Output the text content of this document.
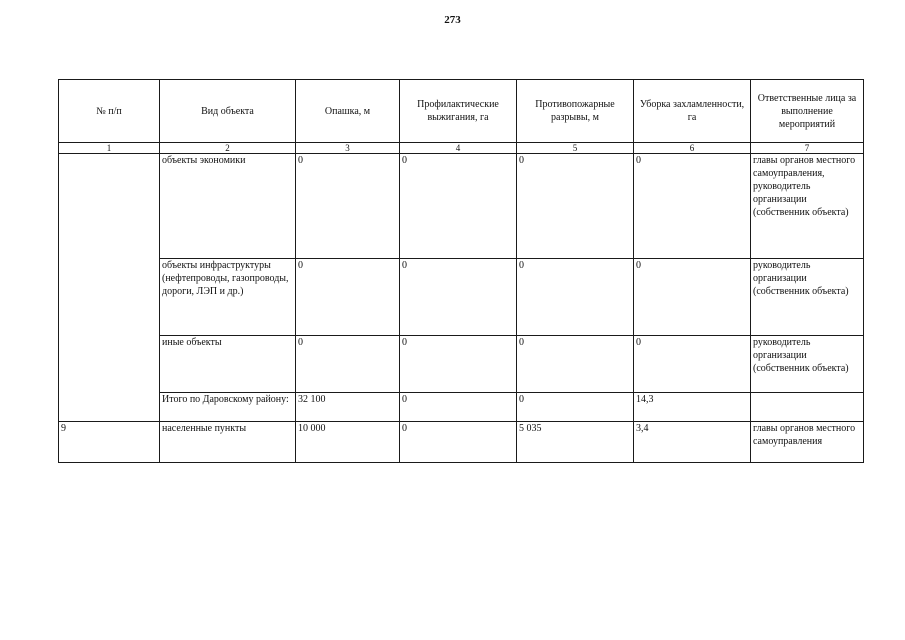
273
№ п/п	Вид объекта	Опашка, м	Профилактические выжигания, га	Противопожарные разрывы, м	Уборка захламленности, га	Ответственные лица за выполнение мероприятий
1	2	3	4	5	6	7
	объекты экономики	0	0	0	0	главы органов местного самоуправления, руководитель организации (собственник объекта)
	объекты инфраструктуры (нефтепроводы, газопроводы, дороги, ЛЭП и др.)	0	0	0	0	руководитель организации (собственник объекта)
	иные объекты	0	0	0	0	руководитель организации (собственник объекта)
	Итого по Даровскому району:	32 100	0	0	14,3	
9	населенные пункты	10 000	0	5 035	3,4	главы органов местного самоуправления
